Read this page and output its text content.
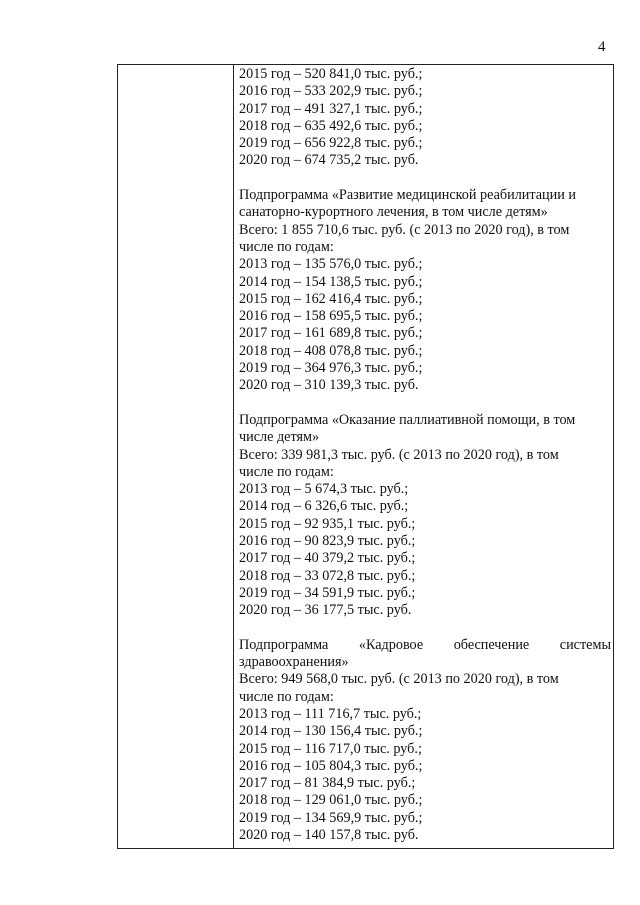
4
2015 год – 520 841,0 тыс. руб.;
2016 год – 533 202,9 тыс. руб.;
2017 год – 491 327,1 тыс. руб.;
2018 год – 635 492,6 тыс. руб.;
2019 год – 656 922,8 тыс. руб.;
2020 год – 674 735,2 тыс. руб.
Подпрограмма «Развитие медицинской реабилитации и
санаторно-курортного лечения, в том числе детям»
Всего: 1 855 710,6 тыс. руб. (с 2013 по 2020 год), в том
числе по годам:
2013 год – 135 576,0 тыс. руб.;
2014 год – 154 138,5 тыс. руб.;
2015 год – 162 416,4 тыс. руб.;
2016 год – 158 695,5 тыс. руб.;
2017 год – 161 689,8 тыс. руб.;
2018 год – 408 078,8 тыс. руб.;
2019 год – 364 976,3 тыс. руб.;
2020 год – 310 139,3 тыс. руб.
Подпрограмма «Оказание паллиативной помощи, в том
числе детям»
Всего: 339 981,3 тыс. руб. (с 2013 по 2020 год), в том
числе по годам:
2013 год – 5 674,3 тыс. руб.;
2014 год – 6 326,6 тыс. руб.;
2015 год – 92 935,1 тыс. руб.;
2016 год – 90 823,9 тыс. руб.;
2017 год – 40 379,2 тыс. руб.;
2018 год – 33 072,8 тыс. руб.;
2019 год – 34 591,9 тыс. руб.;
2020 год – 36 177,5 тыс. руб.
Подпрограмма «Кадровое обеспечение системы
здравоохранения»
Всего: 949 568,0 тыс. руб. (с 2013 по 2020 год), в том
числе по годам:
2013 год – 111 716,7 тыс. руб.;
2014 год – 130 156,4 тыс. руб.;
2015 год – 116 717,0 тыс. руб.;
2016 год – 105 804,3 тыс. руб.;
2017 год – 81 384,9 тыс. руб.;
2018 год – 129 061,0 тыс. руб.;
2019 год – 134 569,9 тыс. руб.;
2020 год – 140 157,8 тыс. руб.
